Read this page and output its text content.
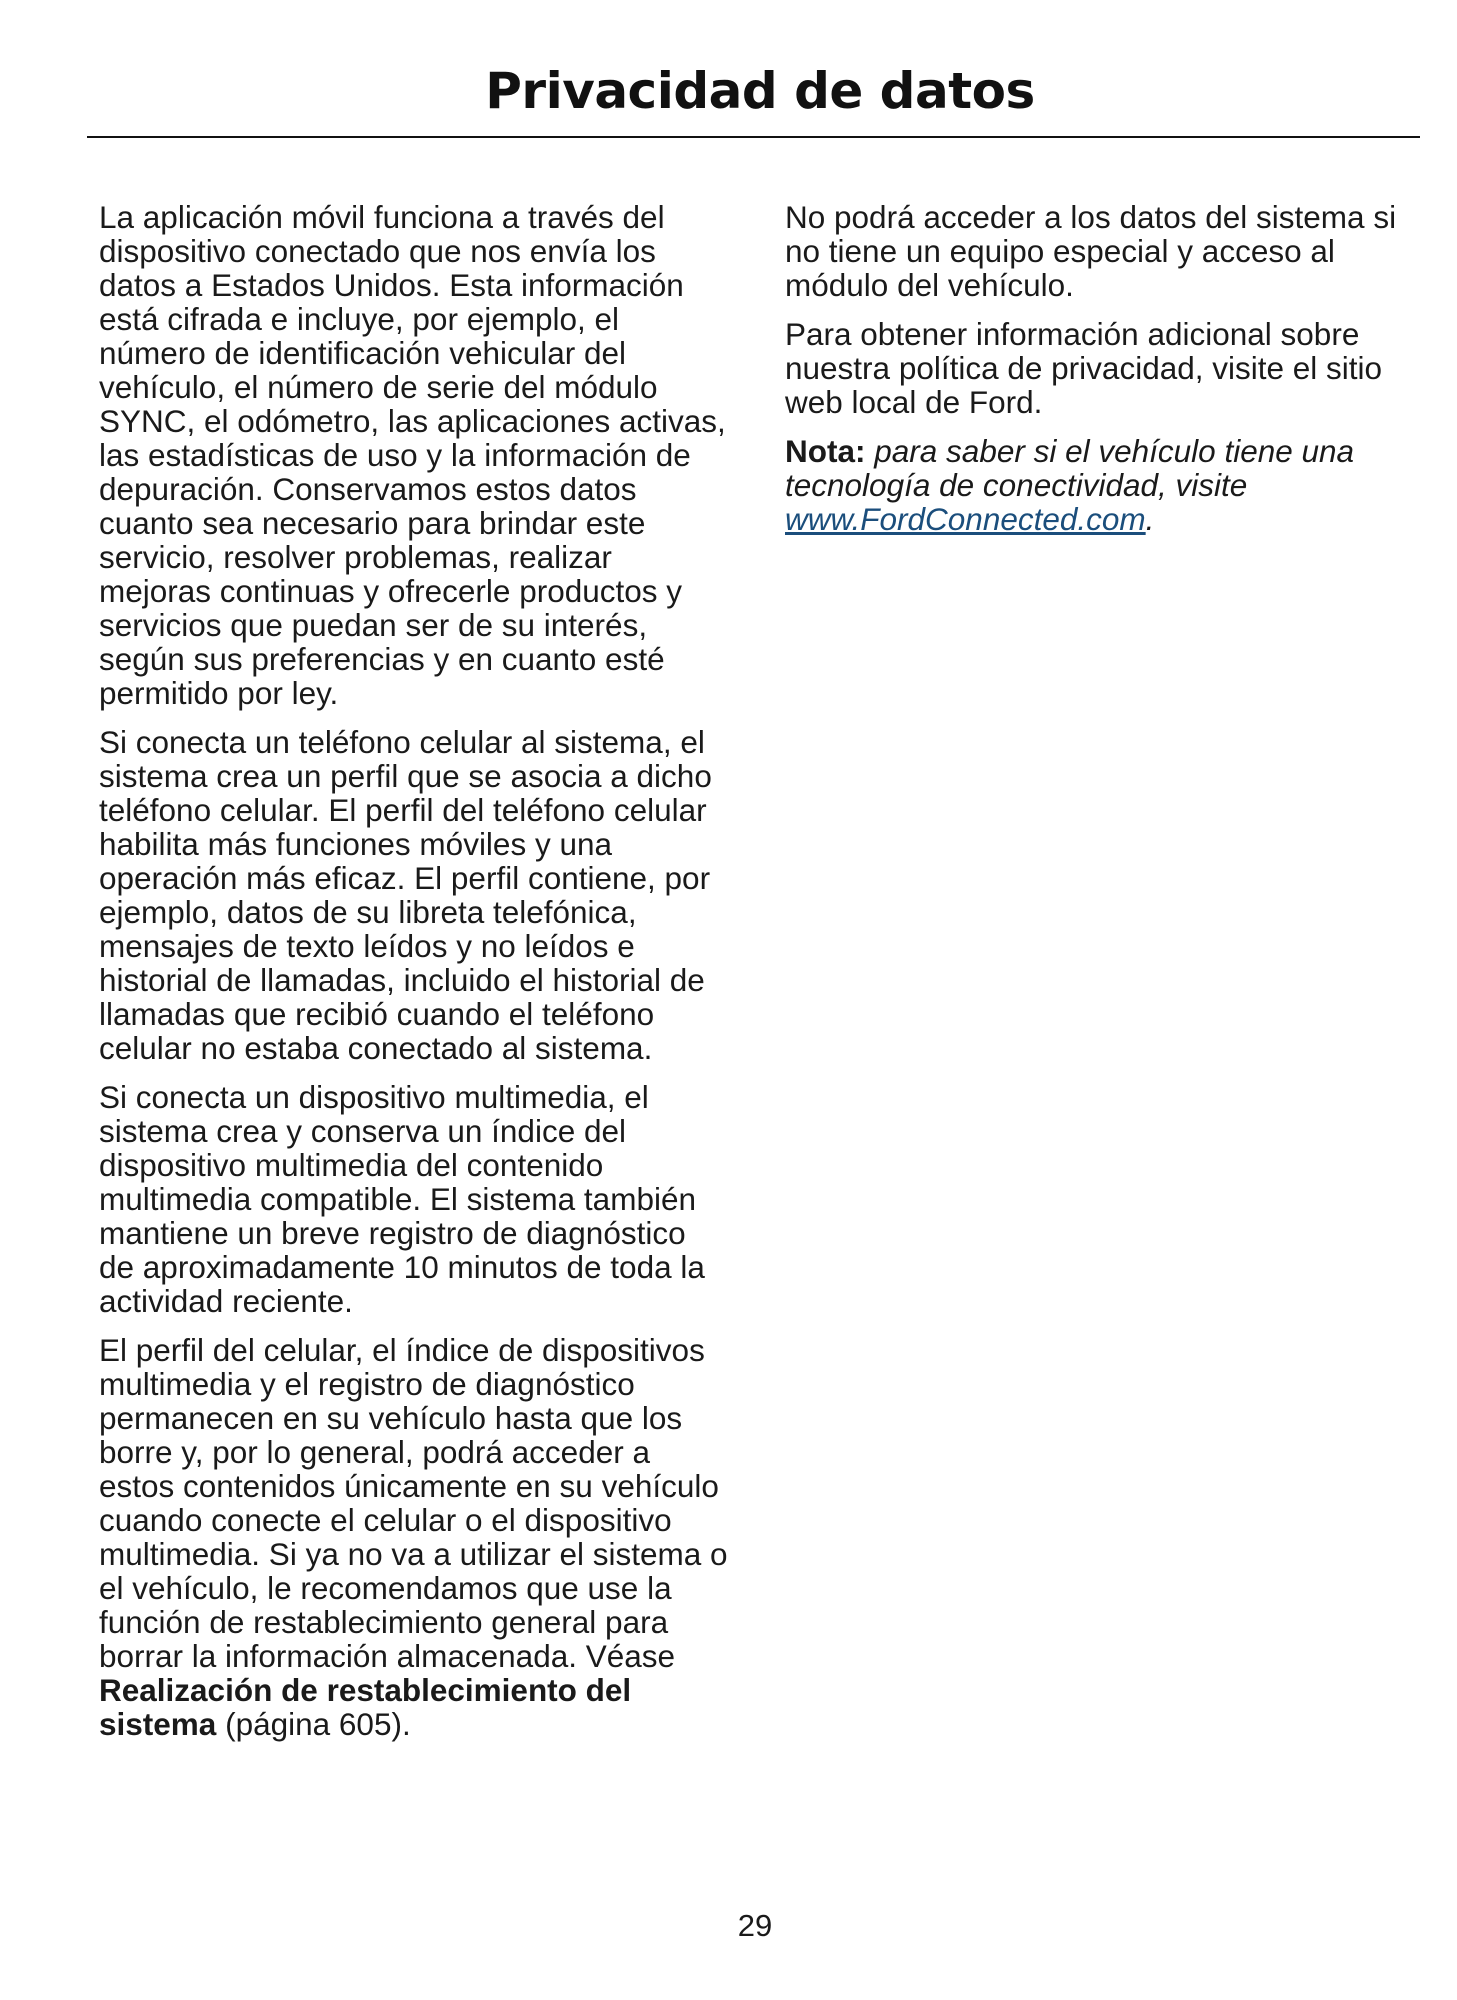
Privacidad de datos

La aplicación móvil funciona a través del dispositivo conectado que nos envía los datos a Estados Unidos. Esta información está cifrada e incluye, por ejemplo, el número de identificación vehicular del vehículo, el número de serie del módulo SYNC, el odómetro, las aplicaciones activas, las estadísticas de uso y la información de depuración. Conservamos estos datos cuanto sea necesario para brindar este servicio, resolver problemas, realizar mejoras continuas y ofrecerle productos y servicios que puedan ser de su interés, según sus preferencias y en cuanto esté permitido por ley.

Si conecta un teléfono celular al sistema, el sistema crea un perfil que se asocia a dicho teléfono celular. El perfil del teléfono celular habilita más funciones móviles y una operación más eficaz. El perfil contiene, por ejemplo, datos de su libreta telefónica, mensajes de texto leídos y no leídos e historial de llamadas, incluido el historial de llamadas que recibió cuando el teléfono celular no estaba conectado al sistema.

Si conecta un dispositivo multimedia, el sistema crea y conserva un índice del dispositivo multimedia del contenido multimedia compatible. El sistema también mantiene un breve registro de diagnóstico de aproximadamente 10 minutos de toda la actividad reciente.

El perfil del celular, el índice de dispositivos multimedia y el registro de diagnóstico permanecen en su vehículo hasta que los borre y, por lo general, podrá acceder a estos contenidos únicamente en su vehículo cuando conecte el celular o el dispositivo multimedia. Si ya no va a utilizar el sistema o el vehículo, le recomendamos que use la función de restablecimiento general para borrar la información almacenada. Véase Realización de restablecimiento del sistema (página 605).

No podrá acceder a los datos del sistema si no tiene un equipo especial y acceso al módulo del vehículo.

Para obtener información adicional sobre nuestra política de privacidad, visite el sitio web local de Ford.

Nota: para saber si el vehículo tiene una tecnología de conectividad, visite www.FordConnected.com.

29
